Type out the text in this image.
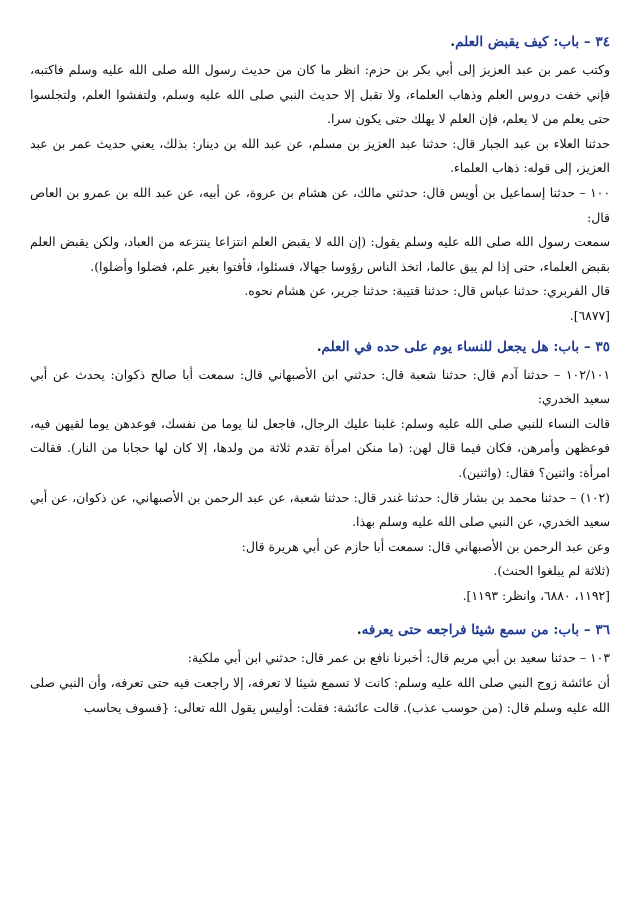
٣٤ – باب: كيف يقبض العلم.

وكتب عمر بن عبد العزيز إلى أبي بكر بن حزم: انظر ما كان من حديث رسول الله صلى الله عليه وسلم فاكتبه، فإني خفت دروس العلم وذهاب العلماء، ولا تقبل إلا حديث النبي صلى الله عليه وسلم، ولتفشوا العلم، ولتجلسوا حتى يعلم من لا يعلم، فإن العلم لا يهلك حتى يكون سرا.

حدثنا العلاء بن عبد الجبار قال: حدثنا عبد العزيز بن مسلم، عن عبد الله بن دينار: بذلك، يعني حديث عمر بن عبد العزيز، إلى قوله: ذهاب العلماء.

١٠٠ – حدثنا إسماعيل بن أويس قال: حدثني مالك، عن هشام بن عروة، عن أبيه، عن عبد الله بن عمرو بن العاص قال:

سمعت رسول الله صلى الله عليه وسلم يقول: (إن الله لا يقبض العلم انتزاعا ينتزعه من العباد، ولكن يقبض العلم بقبض العلماء، حتى إذا لم يبق عالما، اتخذ الناس رؤوسا جهالا، فسئلوا، فأفتوا بغير علم، فضلوا وأضلوا).

قال الفربري: حدثنا عباس قال: حدثنا قتيبة: حدثنا جرير، عن هشام نحوه.

[٦٨٧٧].

٣٥ – باب: هل يجعل للنساء يوم على حده في العلم.

١٠٢/١٠١ – حدثنا آدم قال: حدثنا شعبة قال: حدثني ابن الأصبهاني قال: سمعت أبا صالح ذكوان: يحدث عن أبي سعيد الخدري:

قالت النساء للنبي صلى الله عليه وسلم: غلبنا عليك الرجال، فاجعل لنا يوما من نفسك، فوعدهن يوما لقيهن فيه، فوعظهن وأمرهن، فكان فيما قال لهن: (ما منكن امرأة تقدم ثلاثة من ولدها، إلا كان لها حجابا من النار). فقالت امرأة: واثنين؟ فقال: (واثنين).

(١٠٢) – حدثنا محمد بن بشار قال: حدثنا غندر قال: حدثنا شعبة، عن عبد الرحمن بن الأصبهاني، عن ذكوان، عن أبي سعيد الخدري، عن النبي صلى الله عليه وسلم بهذا.

وعن عبد الرحمن بن الأصبهاني قال: سمعت أبا حازم عن أبي هريرة قال:

(ثلاثة لم يبلغوا الحنث).

[١١٩٢، ٦٨٨٠، وانظر: ١١٩٣].

٣٦ – باب: من سمع شيئا فراجعه حتى يعرفه.

١٠٣ – حدثنا سعيد بن أبي مريم قال: أخبرنا نافع بن عمر قال: حدثني ابن أبي ملكية:

أن عائشة زوج النبي صلى الله عليه وسلم: كانت لا تسمع شيئا لا تعرفه، إلا راجعت فيه حتى تعرفه، وأن النبي صلى الله عليه وسلم قال: (من حوسب عذب). قالت عائشة: فقلت: أوليس يقول الله تعالى: {فسوف يحاسب
